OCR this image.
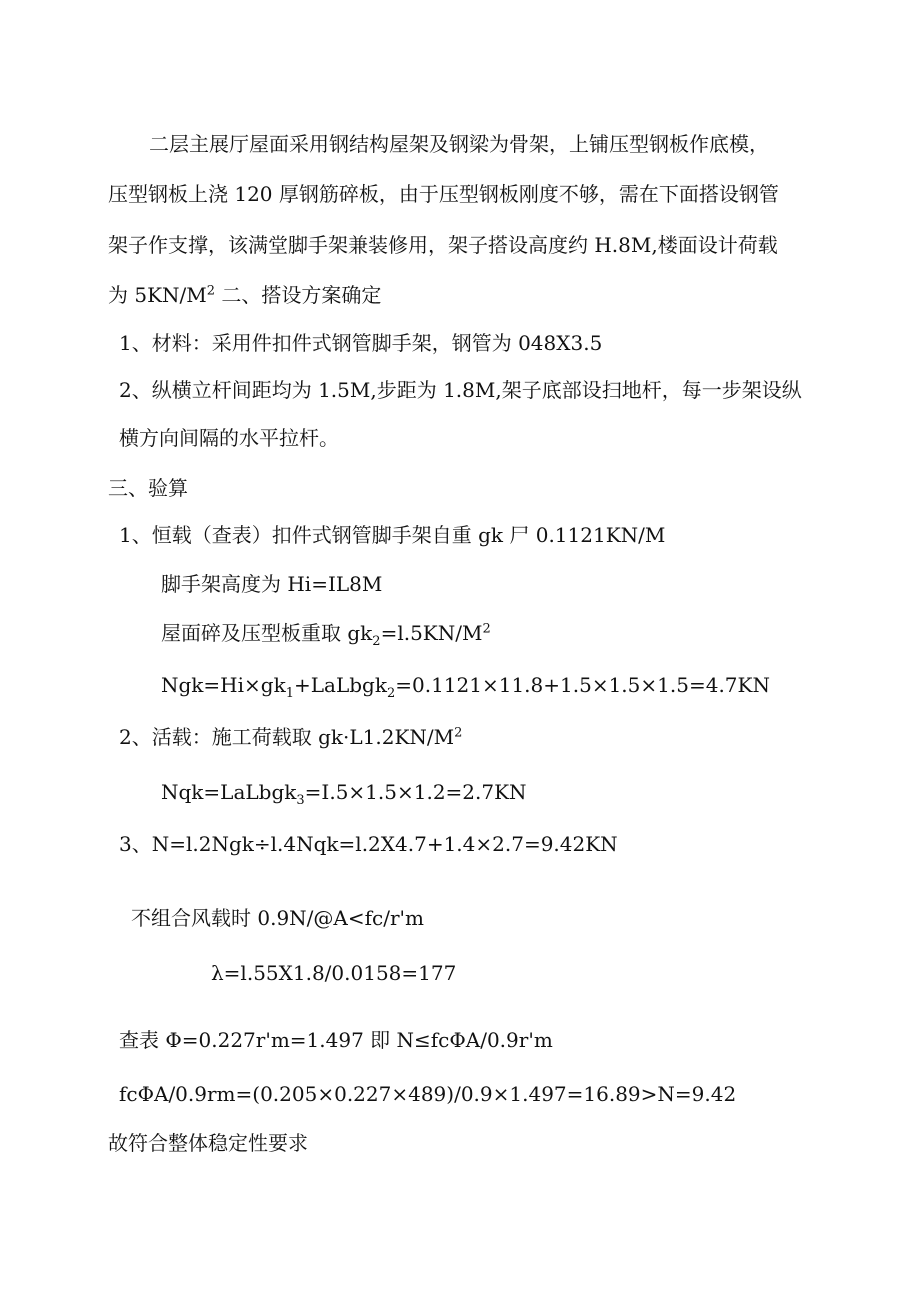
二层主展厅屋面采用钢结构屋架及钢梁为骨架，上铺压型钢板作底模，
压型钢板上浇 120 厚钢筋碎板，由于压型钢板刚度不够，需在下面搭设钢管
架子作支撑，该满堂脚手架兼装修用，架子搭设高度约 H.8M,楼面设计荷载
为 $5KN/M^2$ 二、搭设方案确定
1、材料：采用件扣件式钢管脚手架，钢管为 048X3.5
2、纵横立杆间距均为 1.5M,步距为 1.8M,架子底部设扫地杆，每一步架设纵
横方向间隔的水平拉杆。
三、验算
1、恒载（查表）扣件式钢管脚手架自重 gk 尸 0.1121KN/M
脚手架高度为 Hi=IL8M
屋面碎及压型板重取 $gk_2=l.5KN/M^2$
$Ngk=Hi\times gk_1+LaLbgk_2=0.1121\times 11.8+1.5\times 1.5\times 1.5=4.7KN$
2、活载：施工荷载取 $gk\cdot L1.2KN/M^2$
Nqk=LaLbgk$_3$=I.5×1.5×1.2=2.7KN
3、N=l.2Ngk÷l.4Nqk=l.2X4.7+1.4×2.7=9.42KN
不组合风载时 0.9N/@A<fc/r'm
λ=l.55X1.8/0.0158=177
查表 Φ=0.227r'm=1.497 即 N≤fcΦA/0.9r'm
fcΦA/0.9rm=(0.205×0.227×489)/0.9×1.497=16.89>N=9.42
故符合整体稳定性要求
